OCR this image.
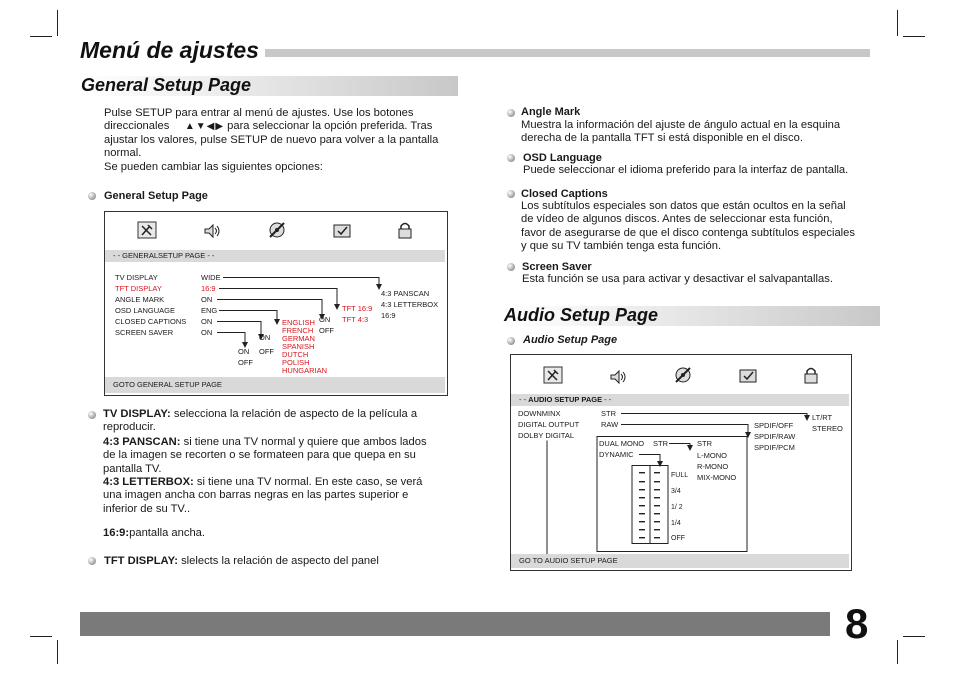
Menú de ajustes
General Setup Page
Pulse SETUP para entrar al menú de ajustes. Use los botones
direccionales ▲▼◀▶ para seleccionar la opción preferida. Tras
ajustar los valores, pulse SETUP de nuevo para volver a la pantalla
normal.
Se pueden cambiar las siguientes opciones:
General Setup Page
- - GENERALSETUP PAGE - -
TV DISPLAY
TFT DISPLAY
ANGLE MARK
OSD LANGUAGE
CLOSED CAPTIONS
SCREEN SAVER
WIDE
16:9
ON
ENG
ON
ON
4:3 PANSCAN
4:3 LETTERBOX
16:9
TFT 16:9
TFT 4:3
ON
OFF
ENGLISH
FRENCH
GERMAN
SPANISH
DUTCH
POLISH
HUNGARIAN
ON
OFF
ON
OFF
GOTO GENERAL SETUP PAGE
TV DISPLAY: selecciona la relación de aspecto de la película a
reproducir.
4:3 PANSCAN: si tiene una TV normal y quiere que ambos lados
de la imagen se recorten o se formateen para que quepa en su
pantalla TV.
4:3 LETTERBOX: si tiene una TV normal. En este caso, se verá
una imagen ancha con barras negras en las partes superior e
inferior de su TV..
16:9:pantalla ancha.
TFT DISPLAY: slelects la relación de aspecto del panel
Angle Mark
Muestra la información del ajuste de ángulo actual en la esquina
derecha de la pantalla TFT si está disponible en el disco.
OSD Language
Puede seleccionar el idioma preferido para la interfaz de pantalla.
Closed Captions
Los subtítulos especiales son datos que están ocultos en la señal
de vídeo de algunos discos. Antes de seleccionar esta función,
favor de asegurarse de que el disco contenga subtítulos especiales
y que su TV también tenga esta función.
Screen Saver
Esta función se usa para activar y desactivar el salvapantallas.
Audio Setup Page
Audio Setup Page
- - AUDIO SETUP PAGE - -
DOWNMINX
DIGITAL OUTPUT
DOLBY DIGITAL
STR
RAW
LT/RT
STEREO
SPDIF/OFF
SPDIF/RAW
SPDIF/PCM
DUAL MONO
DYNAMIC
STR	STR
L-MONO
R-MONO
MIX-MONO
FULL
3/4
1/ 2
1/4
OFF
GO TO AUDIO SETUP PAGE
8
